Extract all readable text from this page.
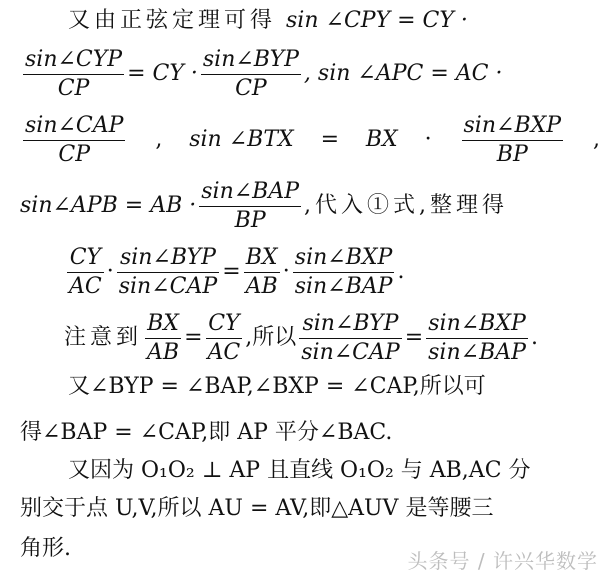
又由正弦定理可得 sin ∠CPY = CY ·
$\frac{\text{sin∠CYP}}{CP}$ = CY · $\frac{\text{sin∠BYP}}{CP}$ , sin ∠APC = AC ·
$\frac{\text{sin∠CAP}}{CP}$ , sin ∠BTX = BX · $\frac{\text{sin∠BXP}}{BP}$ ,
sin∠APB = AB · $\frac{\text{sin∠BAP}}{BP}$ ,代入①式,整理得
$\frac{CY}{AC} \cdot \frac{\text{sin∠BYP}}{\text{sin∠CAP}} = \frac{BX}{AB} \cdot \frac{\text{sin∠BXP}}{\text{sin∠BAP}}$ .
注意到 $\frac{BX}{AB} = \frac{CY}{AC}$ ,所以 $\frac{\text{sin∠BYP}}{\text{sin∠CAP}} = \frac{\text{sin∠BXP}}{\text{sin∠BAP}}$ .
又∠BYP = ∠BAP,∠BXP = ∠CAP,所以可
得∠BAP = ∠CAP,即 AP 平分∠BAC.
又因为 O₁O₂ ⊥ AP 且直线 O₁O₂ 与 AB,AC 分
别交于点 U,V,所以 AU = AV,即△AUV 是等腰三
角形.	头条号 / 许兴华数学
